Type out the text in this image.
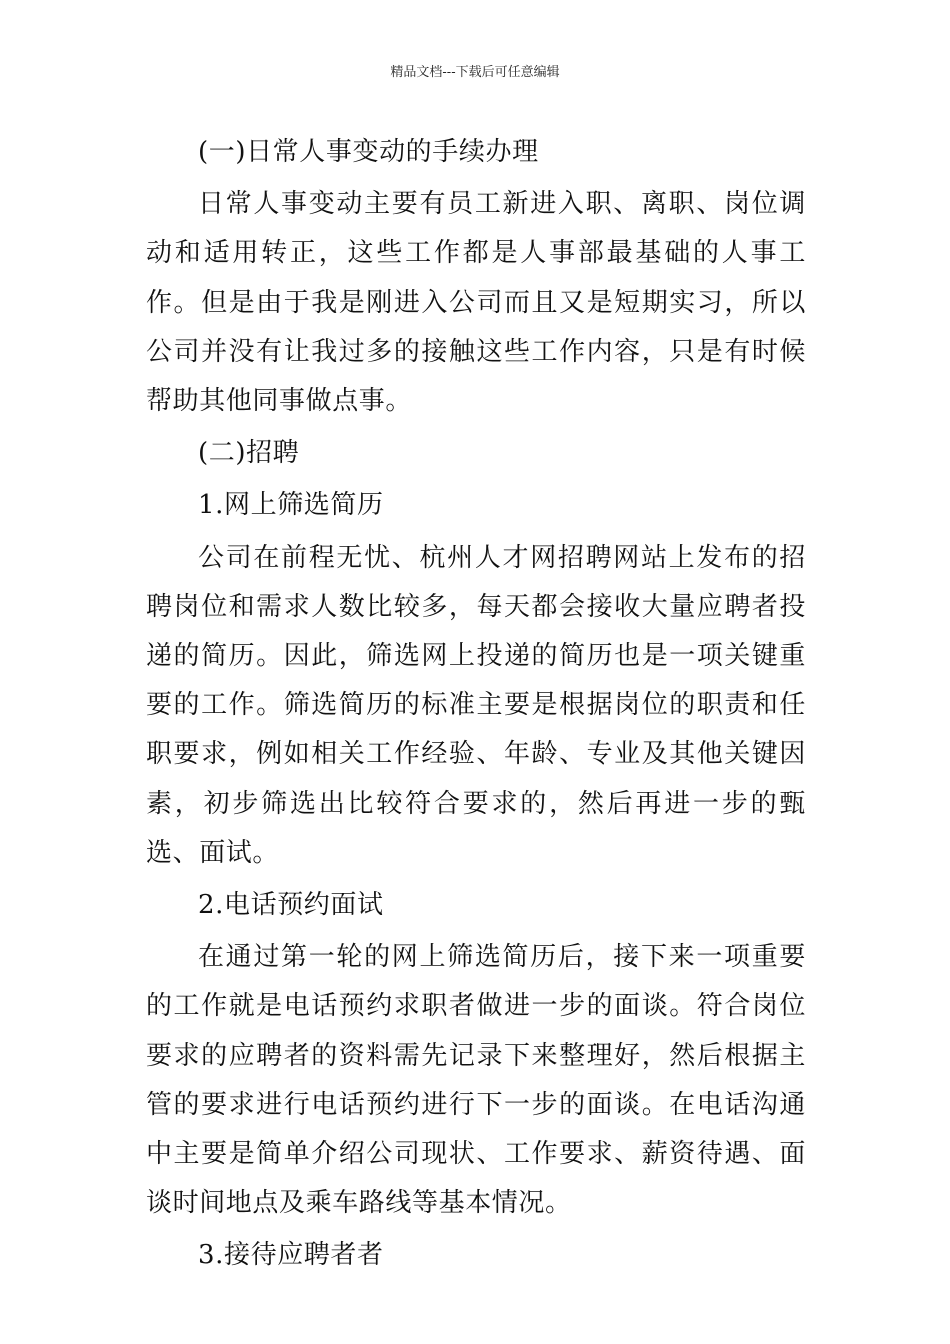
精品文档---下载后可任意编辑

(一)日常人事变动的手续办理

日常人事变动主要有员工新进入职、离职、岗位调动和适用转正，这些工作都是人事部最基础的人事工作。但是由于我是刚进入公司而且又是短期实习，所以公司并没有让我过多的接触这些工作内容，只是有时候帮助其他同事做点事。

(二)招聘

1.网上筛选简历

公司在前程无忧、杭州人才网招聘网站上发布的招聘岗位和需求人数比较多，每天都会接收大量应聘者投递的简历。因此，筛选网上投递的简历也是一项关键重要的工作。筛选简历的标准主要是根据岗位的职责和任职要求，例如相关工作经验、年龄、专业及其他关键因素，初步筛选出比较符合要求的，然后再进一步的甄选、面试。

2.电话预约面试

在通过第一轮的网上筛选简历后，接下来一项重要的工作就是电话预约求职者做进一步的面谈。符合岗位要求的应聘者的资料需先记录下来整理好，然后根据主管的要求进行电话预约进行下一步的面谈。在电话沟通中主要是简单介绍公司现状、工作要求、薪资待遇、面谈时间地点及乘车路线等基本情况。

3.接待应聘者者
